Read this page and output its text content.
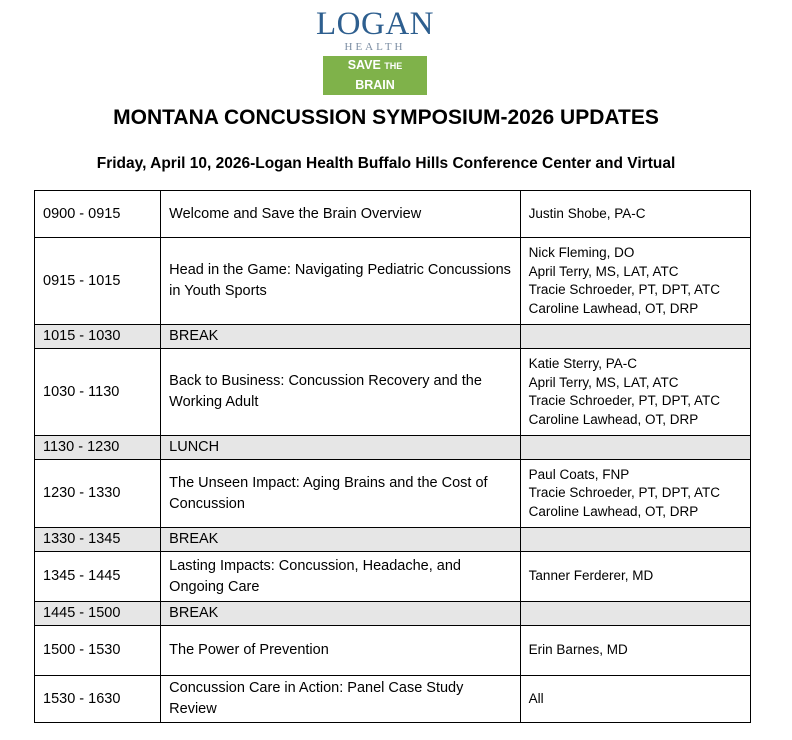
LOGAN
HEALTH
SAVE THE BRAIN
MONTANA CONCUSSION SYMPOSIUM-2026 UPDATES
Friday, April 10, 2026-Logan Health Buffalo Hills Conference Center and Virtual
0900 - 0915	Welcome and Save the Brain Overview	Justin Shobe, PA-C

0915 - 1015	Head in the Game: Navigating Pediatric Concussions in Youth Sports	Nick Fleming, DO
April Terry, MS, LAT, ATC
Tracie Schroeder, PT, DPT, ATC
Caroline Lawhead, OT, DRP

1015 - 1030	BREAK	
1030 - 1130	Back to Business: Concussion Recovery and the Working Adult	Katie Sterry, PA-C
April Terry, MS, LAT, ATC
Tracie Schroeder, PT, DPT, ATC
Caroline Lawhead, OT, DRP

1130 - 1230	LUNCH	
1230 - 1330	The Unseen Impact: Aging Brains and the Cost of Concussion	Paul Coats, FNP
Tracie Schroeder, PT, DPT, ATC
Caroline Lawhead, OT, DRP

1330 - 1345	BREAK	
1345 - 1445	Lasting Impacts: Concussion, Headache, and Ongoing Care	Tanner Ferderer, MD

1445 - 1500	BREAK	
1500 - 1530	The Power of Prevention	Erin Barnes, MD

1530 - 1630	Concussion Care in Action: Panel Case Study Review	All
